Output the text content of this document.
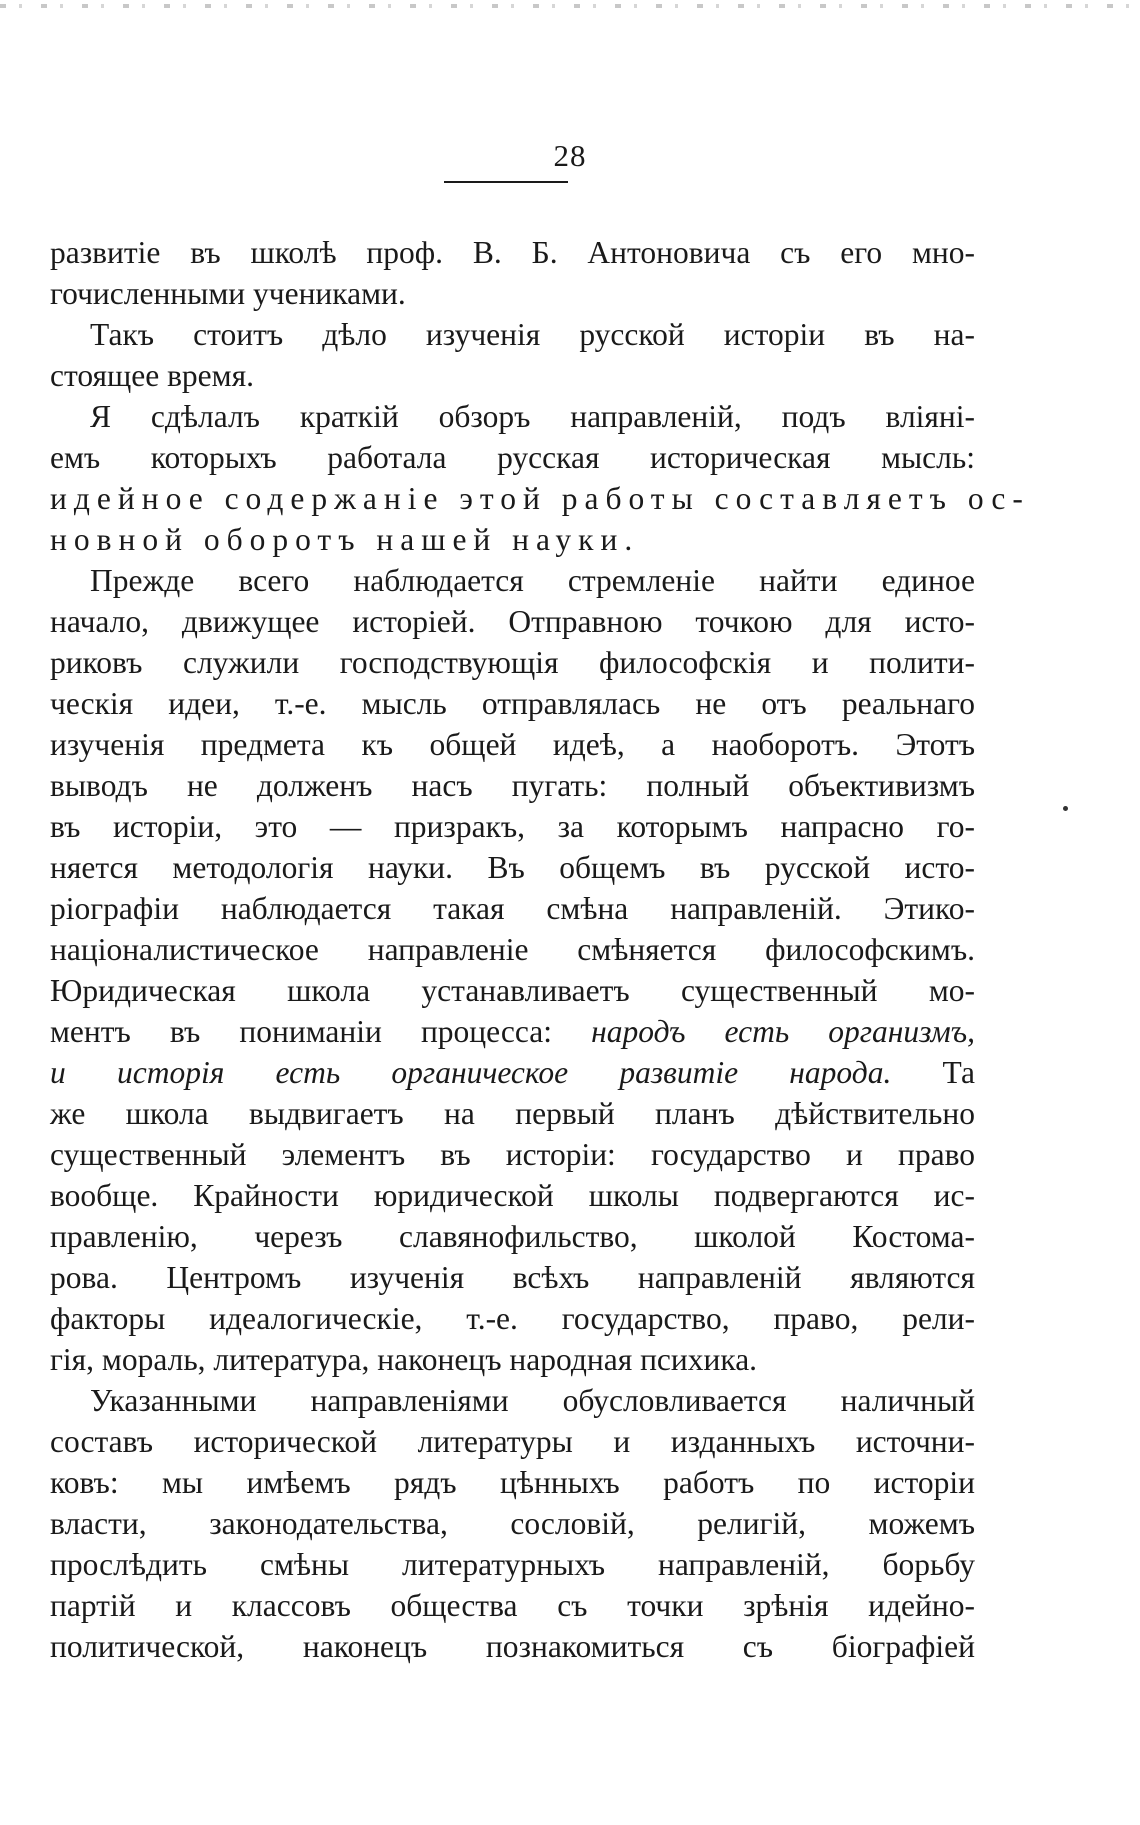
28
развитіе въ школѣ проф. В. Б. Антоновича съ его мно-
гочисленными учениками.
Такъ стоитъ дѣло изученія русской исторіи въ на-
стоящее время.
Я сдѣлалъ краткій обзоръ направленій, подъ вліяні-
емъ которыхъ работала русская историческая мысль:
идейное содержаніе этой работы составляетъ ос-
новной оборотъ нашей науки.
Прежде всего наблюдается стремленіе найти единое
начало, движущее исторіей. Отправною точкою для исто-
риковъ служили господствующія философскія и полити-
ческія идеи, т.-е. мысль отправлялась не отъ реальнаго
изученія предмета къ общей идеѣ, а наоборотъ. Этотъ
выводъ не долженъ насъ пугать: полный объективизмъ
въ исторіи, это — призракъ, за которымъ напрасно го-
няется методологія науки. Въ общемъ въ русской исто-
ріографіи наблюдается такая смѣна направленій. Этико-
націоналистическое направленіе смѣняется философскимъ.
Юридическая школа устанавливаетъ существенный мо-
ментъ въ пониманіи процесса: народъ есть организмъ,
и исторія есть органическое развитіе народа. Та
же школа выдвигаетъ на первый планъ дѣйствительно
существенный элементъ въ исторіи: государство и право
вообще. Крайности юридической школы подвергаются ис-
правленію, черезъ славянофильство, школой Костома-
рова. Центромъ изученія всѣхъ направленій являются
факторы идеалогическіе, т.-е. государство, право, рели-
гія, мораль, литература, наконецъ народная психика.
Указанными направленіями обусловливается наличный
составъ исторической литературы и изданныхъ источни-
ковъ: мы имѣемъ рядъ цѣнныхъ работъ по исторіи
власти, законодательства, сословій, религій, можемъ
прослѣдить смѣны литературныхъ направленій, борьбу
партій и классовъ общества съ точки зрѣнія идейно-
политической, наконецъ познакомиться съ біографіей
